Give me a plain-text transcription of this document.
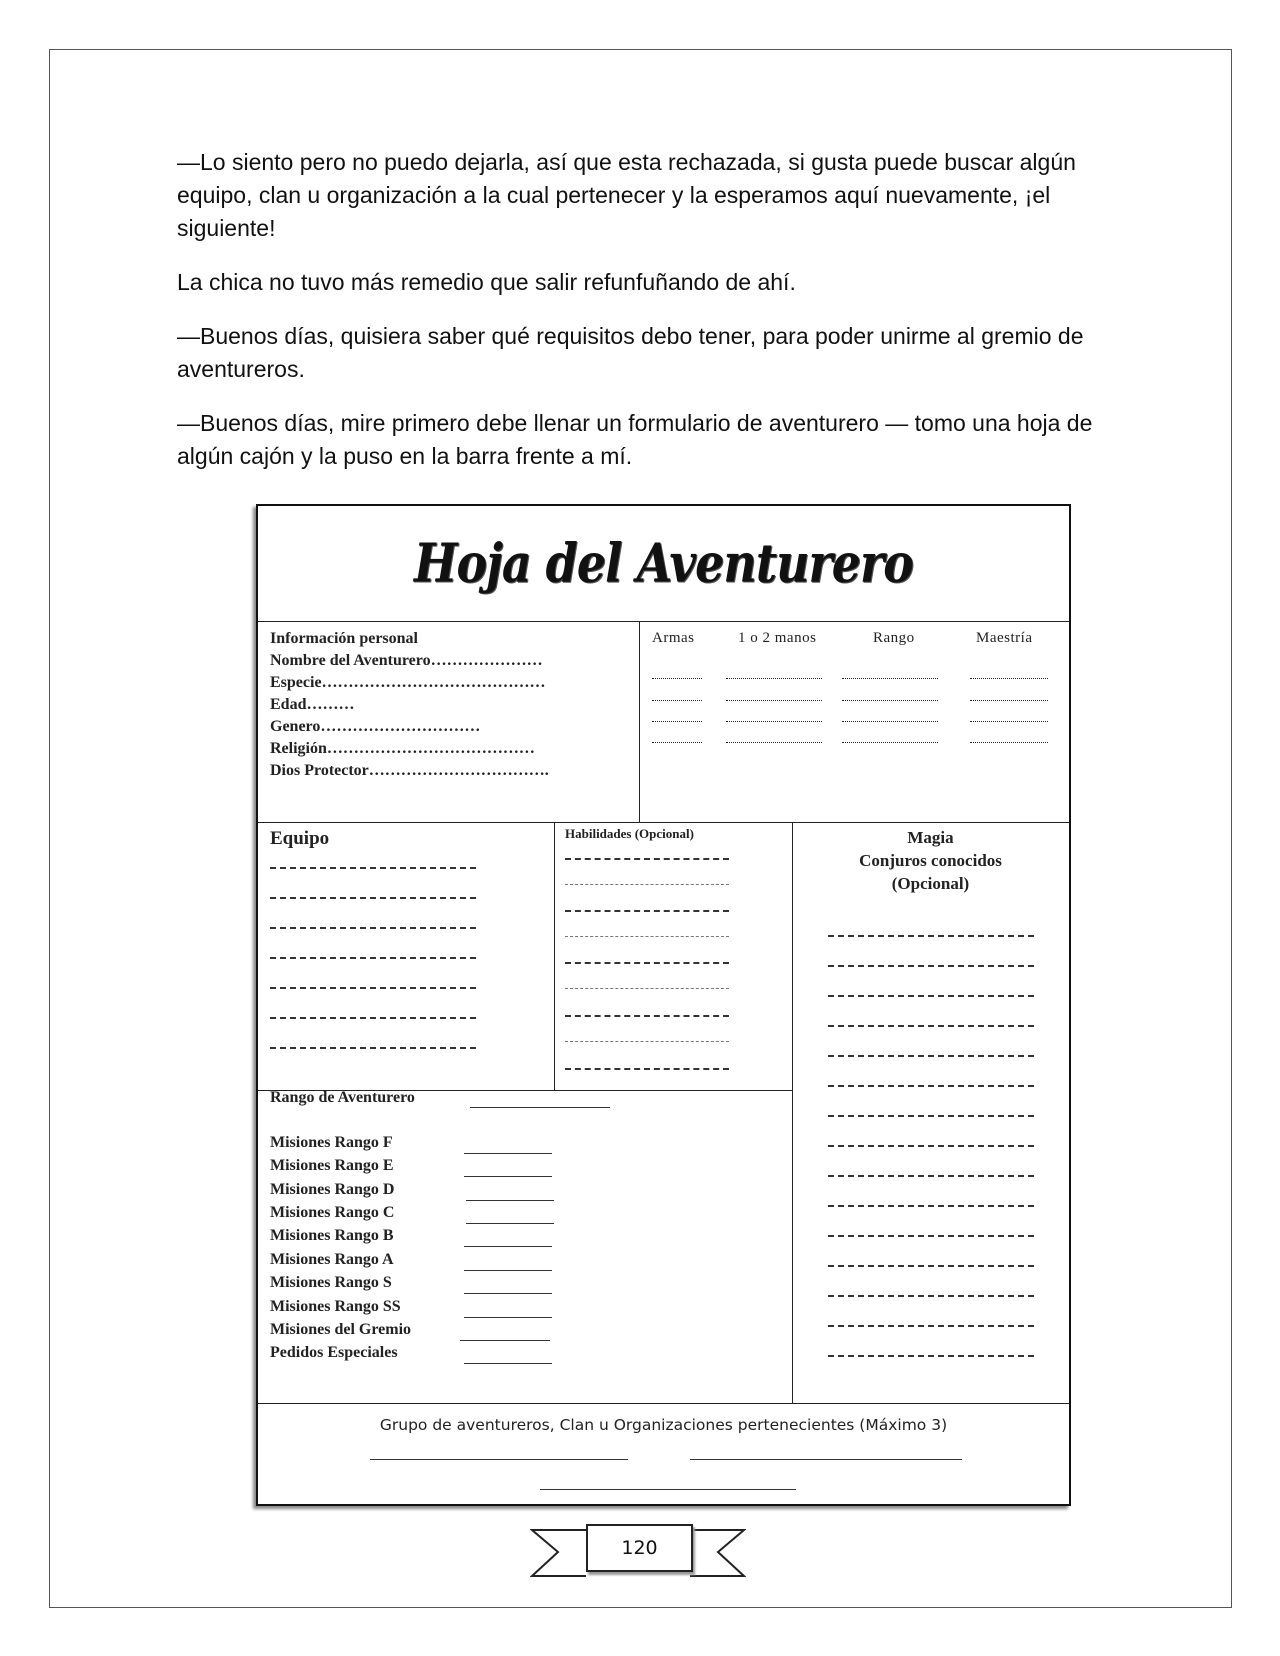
—Lo siento pero no puedo dejarla, así que esta rechazada, si gusta puede buscar algún equipo, clan u organización a la cual pertenecer y la esperamos aquí nuevamente, ¡el siguiente!

La chica no tuvo más remedio que salir refunfuñando de ahí.

—Buenos días, quisiera saber qué requisitos debo tener, para poder unirme al gremio de aventureros.

—Buenos días, mire primero debe llenar un formulario de aventurero — tomo una hoja de algún cajón y la puso en la barra frente a mí.

Hoja del Aventurero
Información personal
Nombre del Aventurero…………………
Especie……………………………………
Edad………
Genero…………………………
Religión…………………………………
Dios Protector…………………………….
Armas	1 o 2 manos	Rango	Maestría
Equipo	Habilidades (Opcional)	Magia
Conjuros conocidos
(Opcional)
Rango de Aventurero
Misiones Rango F
Misiones Rango E
Misiones Rango D
Misiones Rango C
Misiones Rango B
Misiones Rango A
Misiones Rango S
Misiones Rango SS
Misiones del Gremio
Pedidos Especiales
Grupo de aventureros, Clan u Organizaciones pertenecientes (Máximo 3)
120
